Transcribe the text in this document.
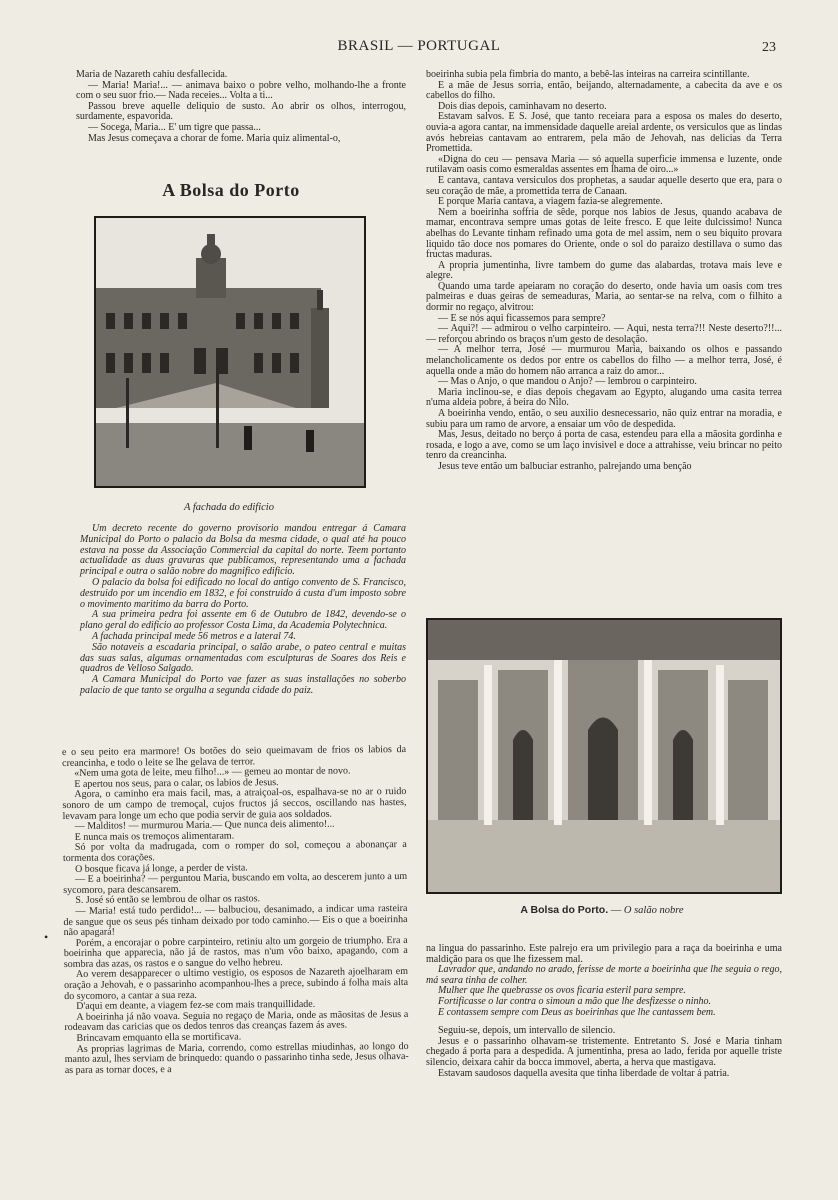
BRASIL — PORTUGAL	23

Maria de Nazareth cahiu desfallecida.

— Maria! Maria!... — animava baixo o pobre velho, molhando-lhe a fronte com o seu suor frio.— Nada receies... Volta a ti...

Passou breve aquelle deliquio de susto. Ao abrir os olhos, interrogou, surdamente, espavorida.

— Socega, Maria... E' um tigre que passa...

Mas Jesus começava a chorar de fome. Maria quiz alimental-o,

A Bolsa do Porto
A fachada do edificio

Um decreto recente do governo provisorio mandou entregar á Camara Municipal do Porto o palacio da Bolsa da mesma cidade, o qual até ha pouco estava na posse da Associação Commercial da capital do norte. Teem portanto actualidade as duas gravuras que publicamos, representando uma a fachada principal e outra o salão nobre do magnifico edificio.

O palacio da bolsa foi edificado no local do antigo convento de S. Francisco, destruido por um incendio em 1832, e foi construido á custa d'um imposto sobre o movimento maritimo da barra do Porto.

A sua primeira pedra foi assente em 6 de Outubro de 1842, devendo-se o plano geral do edificio ao professor Costa Lima, da Academia Polytechnica.

A fachada principal mede 56 metros e a lateral 74.

São notaveis a escadaria principal, o salão arabe, o pateo central e muitas das suas salas, algumas ornamentadas com esculpturas de Soares dos Reis e quadros de Velloso Salgado.

A Camara Municipal do Porto vae fazer as suas installações no soberbo palacio de que tanto se orgulha a segunda cidade do paiz.

e o seu peito era marmore! Os botões do seio queimavam de frios os labios da creancinha, e todo o leite se lhe gelava de terror.

«Nem uma gota de leite, meu filho!...» — gemeu ao montar de novo.

E apertou nos seus, para o calar, os labios de Jesus.

Agora, o caminho era mais facil, mas, a atraiçoal-os, espalhava-se no ar o ruido sonoro de um campo de tremoçal, cujos fructos já seccos, oscillando nas hastes, levavam para longe um echo que podia servir de guia aos soldados.

— Malditos! — murmurou Maria.— Que nunca deis alimento!...

E nunca mais os tremoços alimentaram.

Só por volta da madrugada, com o romper do sol, começou a abonançar a tormenta dos corações.

O bosque ficava já longe, a perder de vista.

— E a boeirinha? — perguntou Maria, buscando em volta, ao descerem junto a um sycomoro, para descansarem.

S. José só então se lembrou de olhar os rastos.

— Maria! está tudo perdido!... — balbuciou, desanimado, a indicar uma rasteira de sangue que os seus pés tinham deixado por todo caminho.— Eis o que a boeirinha não apagará!

Porém, a encorajar o pobre carpinteiro, retiniu alto um gorgeio de triumpho. Era a boeirinha que apparecia, não já de rastos, mas n'um vôo baixo, apagando, com a sombra das azas, os rastos e o sangue do velho hebreu.

Ao verem desapparecer o ultimo vestigio, os esposos de Nazareth ajoelharam em oração a Jehovah, e o passarinho acompanhou-lhes a prece, subindo á folha mais alta do sycomoro, a cantar a sua reza.

D'aqui em deante, a viagem fez-se com mais tranquillidade.

A boeirinha já não voava. Seguia no regaço de Maria, onde as mãositas de Jesus a rodeavam das caricias que os dedos tenros das creanças fazem ás aves.

Brincavam emquanto ella se mortificava.

As proprias lagrimas de Maria, correndo, como estrellas miudinhas, ao longo do manto azul, lhes serviam de brinquedo: quando o passarinho tinha sede, Jesus olhava-as para as tornar doces, e a

•

boeirinha subia pela fimbria do manto, a bebê-las inteiras na carreira scintillante.

E a mãe de Jesus sorria, então, beijando, alternadamente, a cabecita da ave e os cabellos do filho.

Dois dias depois, caminhavam no deserto.

Estavam salvos. E S. José, que tanto receiara para a esposa os males do deserto, ouvia-a agora cantar, na immensidade daquelle areial ardente, os versiculos que as lindas avós hebreias cantavam ao entrarem, pela mão de Jehovah, nas delicias da Terra Promettida.

«Digna do ceu — pensava Maria — só aquella superficie immensa e luzente, onde rutilavam oasis como esmeraldas assentes em lhama de oiro...»

E cantava, cantava versiculos dos prophetas, a saudar aquelle deserto que era, para o seu coração de mãe, a promettida terra de Canaan.

E porque Maria cantava, a viagem fazia-se alegremente.

Nem a boeirinha soffria de sêde, porque nos labios de Jesus, quando acabava de mamar, encontrava sempre umas gotas de leite fresco. E que leite dulcissimo! Nunca abelhas do Levante tinham refinado uma gota de mel assim, nem o seu biquito provara liquido tão doce nos pomares do Oriente, onde o sol do paraizo destillava o sumo das fructas maduras.

A propria jumentinha, livre tambem do gume das alabardas, trotava mais leve e alegre.

Quando uma tarde apeiaram no coração do deserto, onde havia um oasis com tres palmeiras e duas geiras de semeaduras, Maria, ao sentar-se na relva, com o filhito a dormir no regaço, alvitrou:

— E se nós aqui ficassemos para sempre?

— Aqui?! — admirou o velho carpinteiro. — Aqui, nesta terra?!! Neste deserto?!!... — reforçou abrindo os braços n'um gesto de desolação.

— A melhor terra, José — murmurou Maria, baixando os olhos e passando melancholicamente os dedos por entre os cabellos do filho — a melhor terra, José, é aquella onde a mão do homem não arranca a raiz do amor...

— Mas o Anjo, o que mandou o Anjo? — lembrou o carpinteiro.

Maria inclinou-se, e dias depois chegavam ao Egypto, alugando uma casita terrea n'uma aldeia pobre, á beira do Nilo.

A boeirinha vendo, então, o seu auxilio desnecessario, não quiz entrar na moradia, e subiu para um ramo de arvore, a ensaiar um vôo de despedida.

Mas, Jesus, deitado no berço á porta de casa, estendeu para ella a mãosita gordinha e rosada, e logo a ave, como se um laço invisivel e doce a attrahisse, veiu brincar no peito tenro da creancinha.

Jesus teve então um balbuciar estranho, palrejando uma benção

A Bolsa do Porto. — O salão nobre

na lingua do passarinho. Este palrejo era um privilegio para a raça da boeirinha e uma maldição para os que lhe fizessem mal.

Lavrador que, andando no arado, ferisse de morte a boeirinha que lhe seguia o rego, má seara tinha de colher.

Mulher que lhe quebrasse os ovos ficaria esteril para sempre.

Fortificasse o lar contra o simoun a mão que lhe desfizesse o ninho.

E contassem sempre com Deus as boeirinhas que lhe cantassem bem.

Seguiu-se, depois, um intervallo de silencio.

Jesus e o passarinho olhavam-se tristemente. Entretanto S. José e Maria tinham chegado á porta para a despedida. A jumentinha, presa ao lado, ferida por aquelle triste silencio, deixara cahir da bocca immovel, aberta, a herva que mastigava.

Estavam saudosos daquella avesita que tinha liberdade de voltar á patria.
